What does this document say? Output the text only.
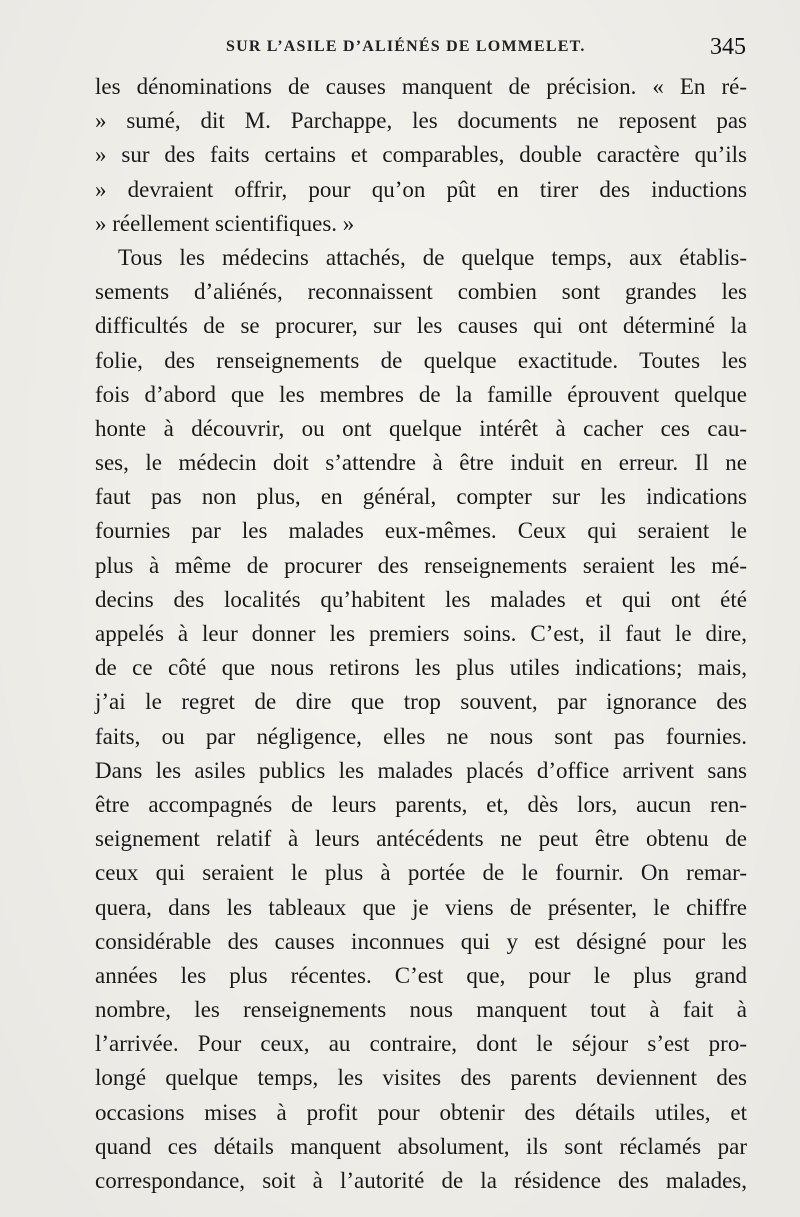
SUR L’ASILE D’ALIÉNÉS DE LOMMELET.	345
les dénominations de causes manquent de précision. « En ré-
» sumé, dit M. Parchappe, les documents ne reposent pas
» sur des faits certains et comparables, double caractère qu’ils
» devraient offrir, pour qu’on pût en tirer des inductions
» réellement scientifiques. »
Tous les médecins attachés, de quelque temps, aux établis-
sements d’aliénés, reconnaissent combien sont grandes les
difficultés de se procurer, sur les causes qui ont déterminé la
folie, des renseignements de quelque exactitude. Toutes les
fois d’abord que les membres de la famille éprouvent quelque
honte à découvrir, ou ont quelque intérêt à cacher ces cau-
ses, le médecin doit s’attendre à être induit en erreur. Il ne
faut pas non plus, en général, compter sur les indications
fournies par les malades eux-mêmes. Ceux qui seraient le
plus à même de procurer des renseignements seraient les mé-
decins des localités qu’habitent les malades et qui ont été
appelés à leur donner les premiers soins. C’est, il faut le dire,
de ce côté que nous retirons les plus utiles indications; mais,
j’ai le regret de dire que trop souvent, par ignorance des
faits, ou par négligence, elles ne nous sont pas fournies.
Dans les asiles publics les malades placés d’office arrivent sans
être accompagnés de leurs parents, et, dès lors, aucun ren-
seignement relatif à leurs antécédents ne peut être obtenu de
ceux qui seraient le plus à portée de le fournir. On remar-
quera, dans les tableaux que je viens de présenter, le chiffre
considérable des causes inconnues qui y est désigné pour les
années les plus récentes. C’est que, pour le plus grand
nombre, les renseignements nous manquent tout à fait à
l’arrivée. Pour ceux, au contraire, dont le séjour s’est pro-
longé quelque temps, les visites des parents deviennent des
occasions mises à profit pour obtenir des détails utiles, et
quand ces détails manquent absolument, ils sont réclamés par
correspondance, soit à l’autorité de la résidence des malades,
